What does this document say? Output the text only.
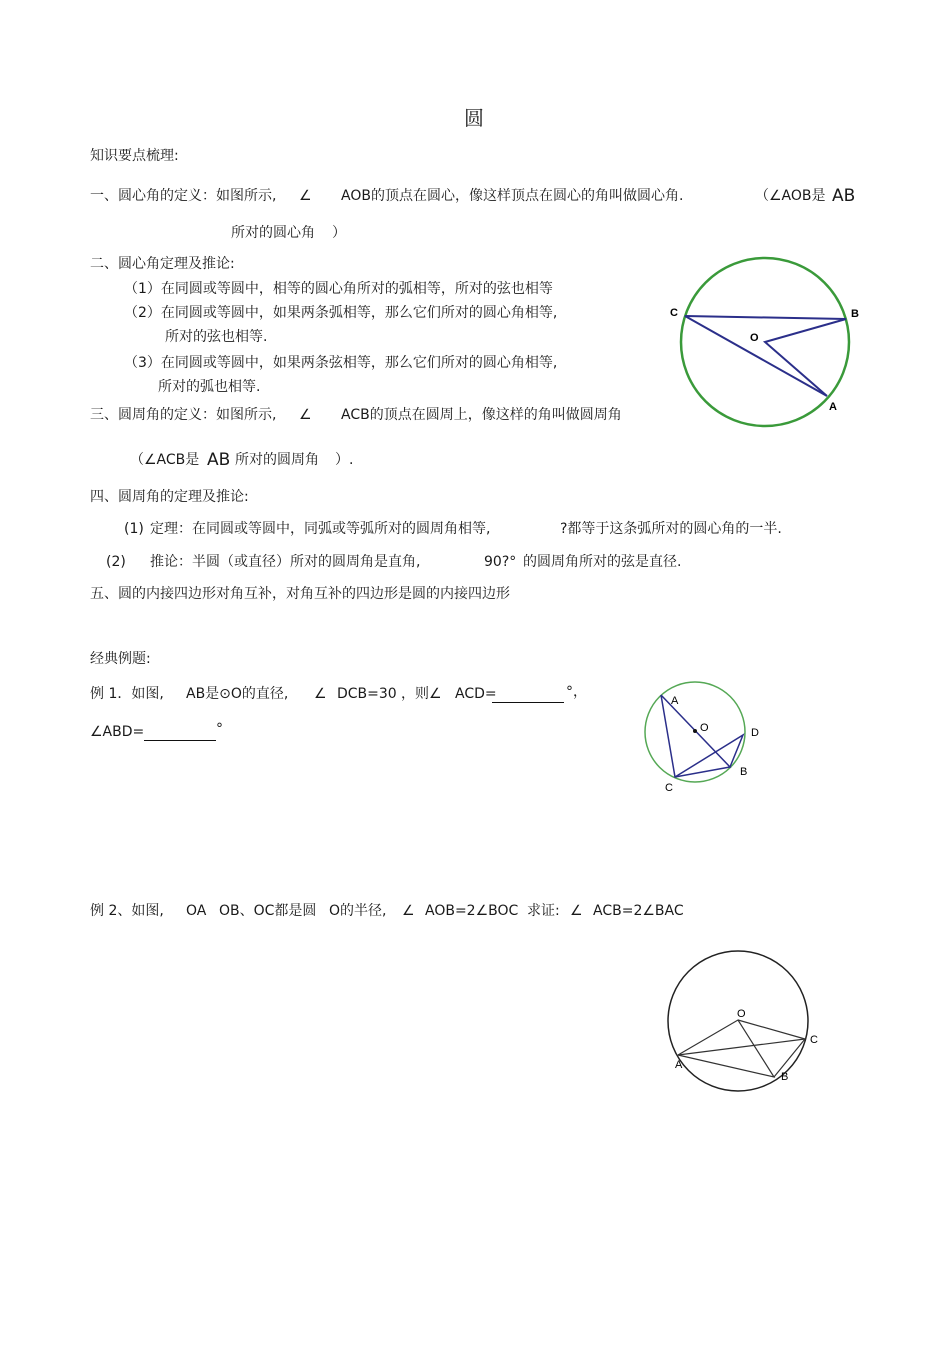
圆
知识要点梳理:
一、圆心角的定义：如图所示, ∠ AOB的顶点在圆心，像这样顶点在圆心的角叫做圆心角.	（∠AOB是 AB
所对的圆心角 ）
二、圆心角定理及推论:
（1）在同圆或等圆中，相等的圆心角所对的弧相等，所对的弦也相等
（2）在同圆或等圆中，如果两条弧相等，那么它们所对的圆心角相等,
所对的弦也相等.
（3）在同圆或等圆中，如果两条弦相等，那么它们所对的圆心角相等,
所对的弧也相等.
三、圆周角的定义：如图所示, ∠ ACB的顶点在圆周上，像这样的角叫做圆周角
（∠ACB是 AB 所对的圆周角 ）.
四、圆周角的定理及推论:
(1) 定理：在同圆或等圆中，同弧或等弧所对的圆周角相等,	?都等于这条弧所对的圆心角的一半.
(2) 推论：半圆（或直径）所对的圆周角是直角,	90?° 的圆周角所对的弦是直径.
五、圆的内接四边形对角互补，对角互补的四边形是圆的内接四边形
经典例题:
例 1．如图, AB是⊙O的直径, ∠ DCB=30 ，则∠ ACD=	°，
∠ABD=	°
例 2、如图, OA OB、OC都是圆 O的半径, ∠ AOB=2∠BOC 求证: ∠ ACB=2∠BAC
C	B
O
A
A
O	D
B
C
O
C
A
B
